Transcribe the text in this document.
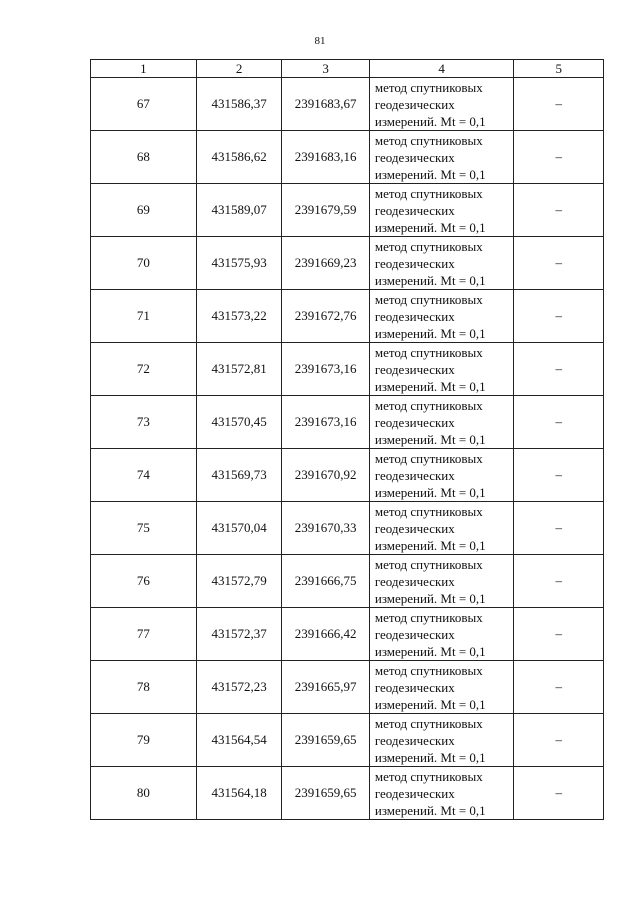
81
1	2	3	4	5
67	431586,37	2391683,67	метод спутниковых
геодезических
измерений. Mt = 0,1	–
68	431586,62	2391683,16	метод спутниковых
геодезических
измерений. Mt = 0,1	–
69	431589,07	2391679,59	метод спутниковых
геодезических
измерений. Mt = 0,1	–
70	431575,93	2391669,23	метод спутниковых
геодезических
измерений. Mt = 0,1	–
71	431573,22	2391672,76	метод спутниковых
геодезических
измерений. Mt = 0,1	–
72	431572,81	2391673,16	метод спутниковых
геодезических
измерений. Mt = 0,1	–
73	431570,45	2391673,16	метод спутниковых
геодезических
измерений. Mt = 0,1	–
74	431569,73	2391670,92	метод спутниковых
геодезических
измерений. Mt = 0,1	–
75	431570,04	2391670,33	метод спутниковых
геодезических
измерений. Mt = 0,1	–
76	431572,79	2391666,75	метод спутниковых
геодезических
измерений. Mt = 0,1	–
77	431572,37	2391666,42	метод спутниковых
геодезических
измерений. Mt = 0,1	–
78	431572,23	2391665,97	метод спутниковых
геодезических
измерений. Mt = 0,1	–
79	431564,54	2391659,65	метод спутниковых
геодезических
измерений. Mt = 0,1	–
80	431564,18	2391659,65	метод спутниковых
геодезических
измерений. Mt = 0,1	–
